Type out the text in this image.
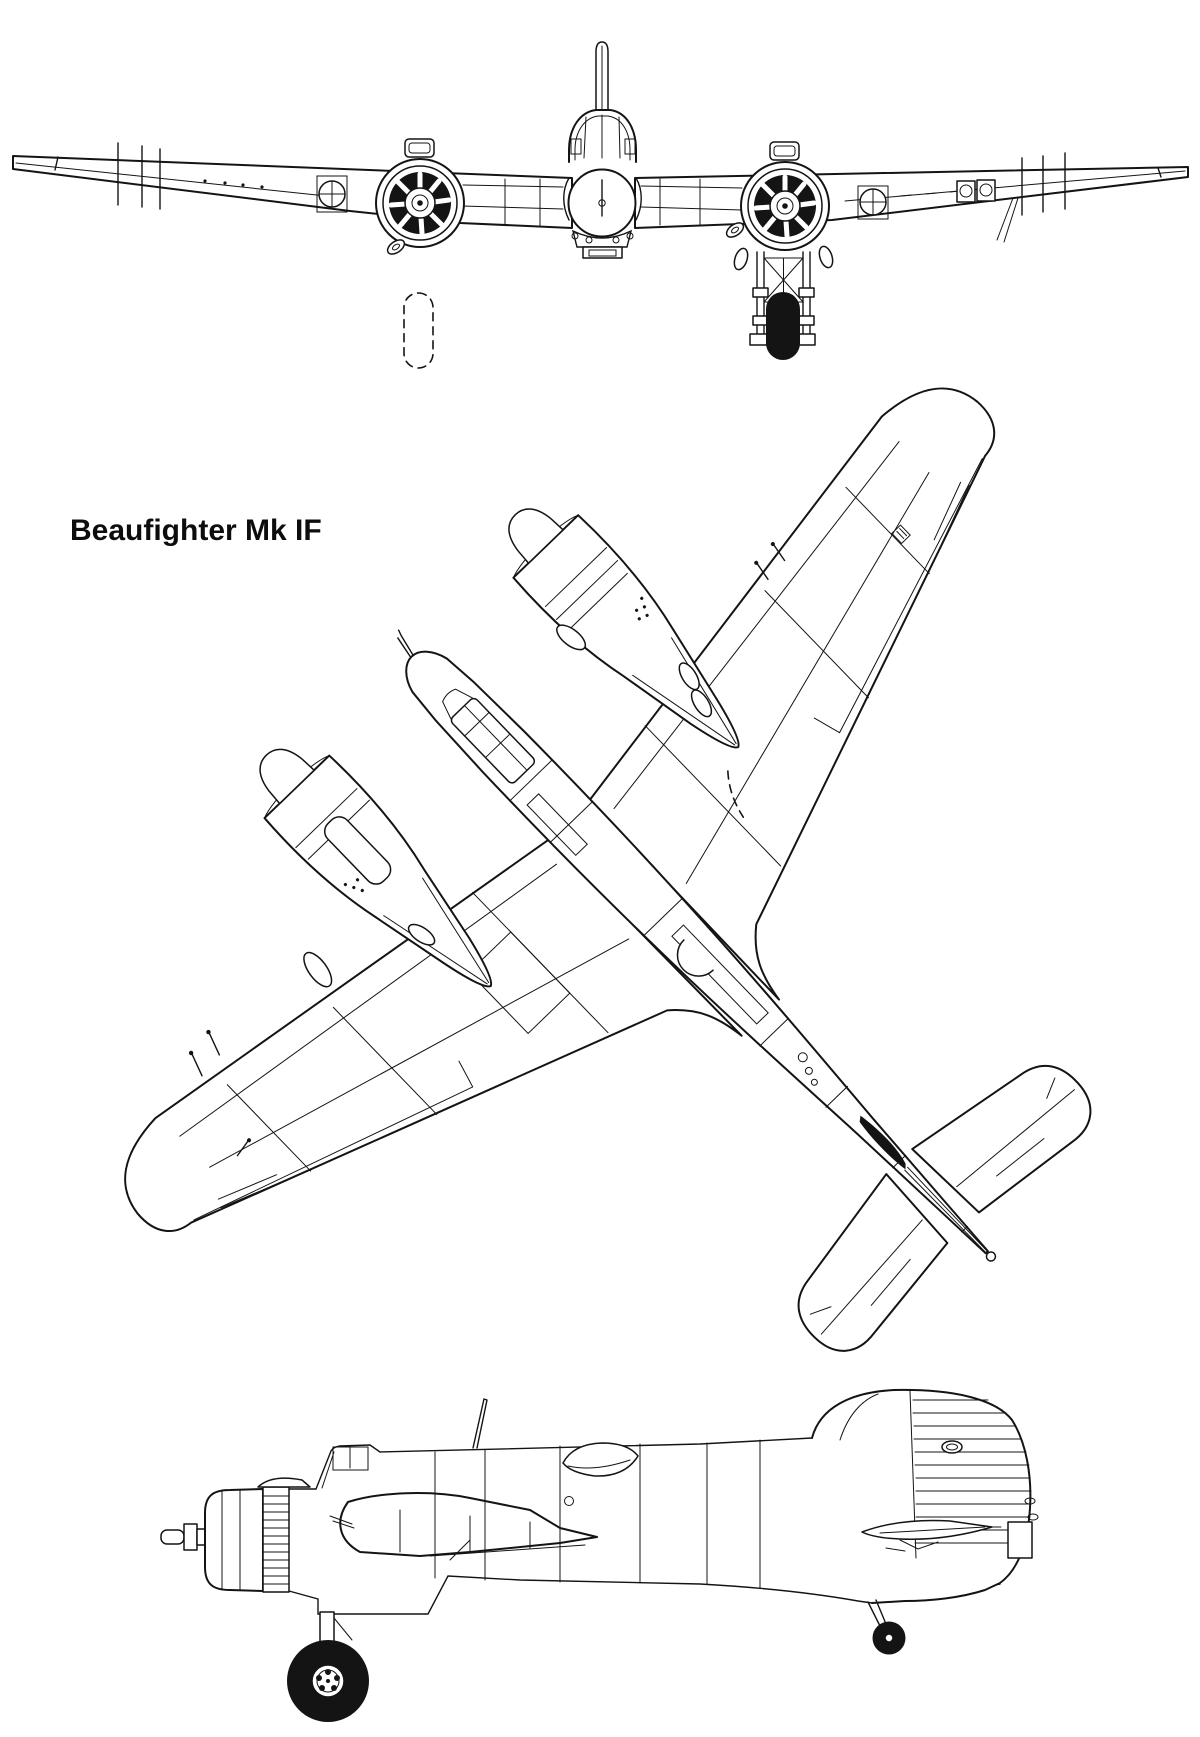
Beaufighter Mk IF
